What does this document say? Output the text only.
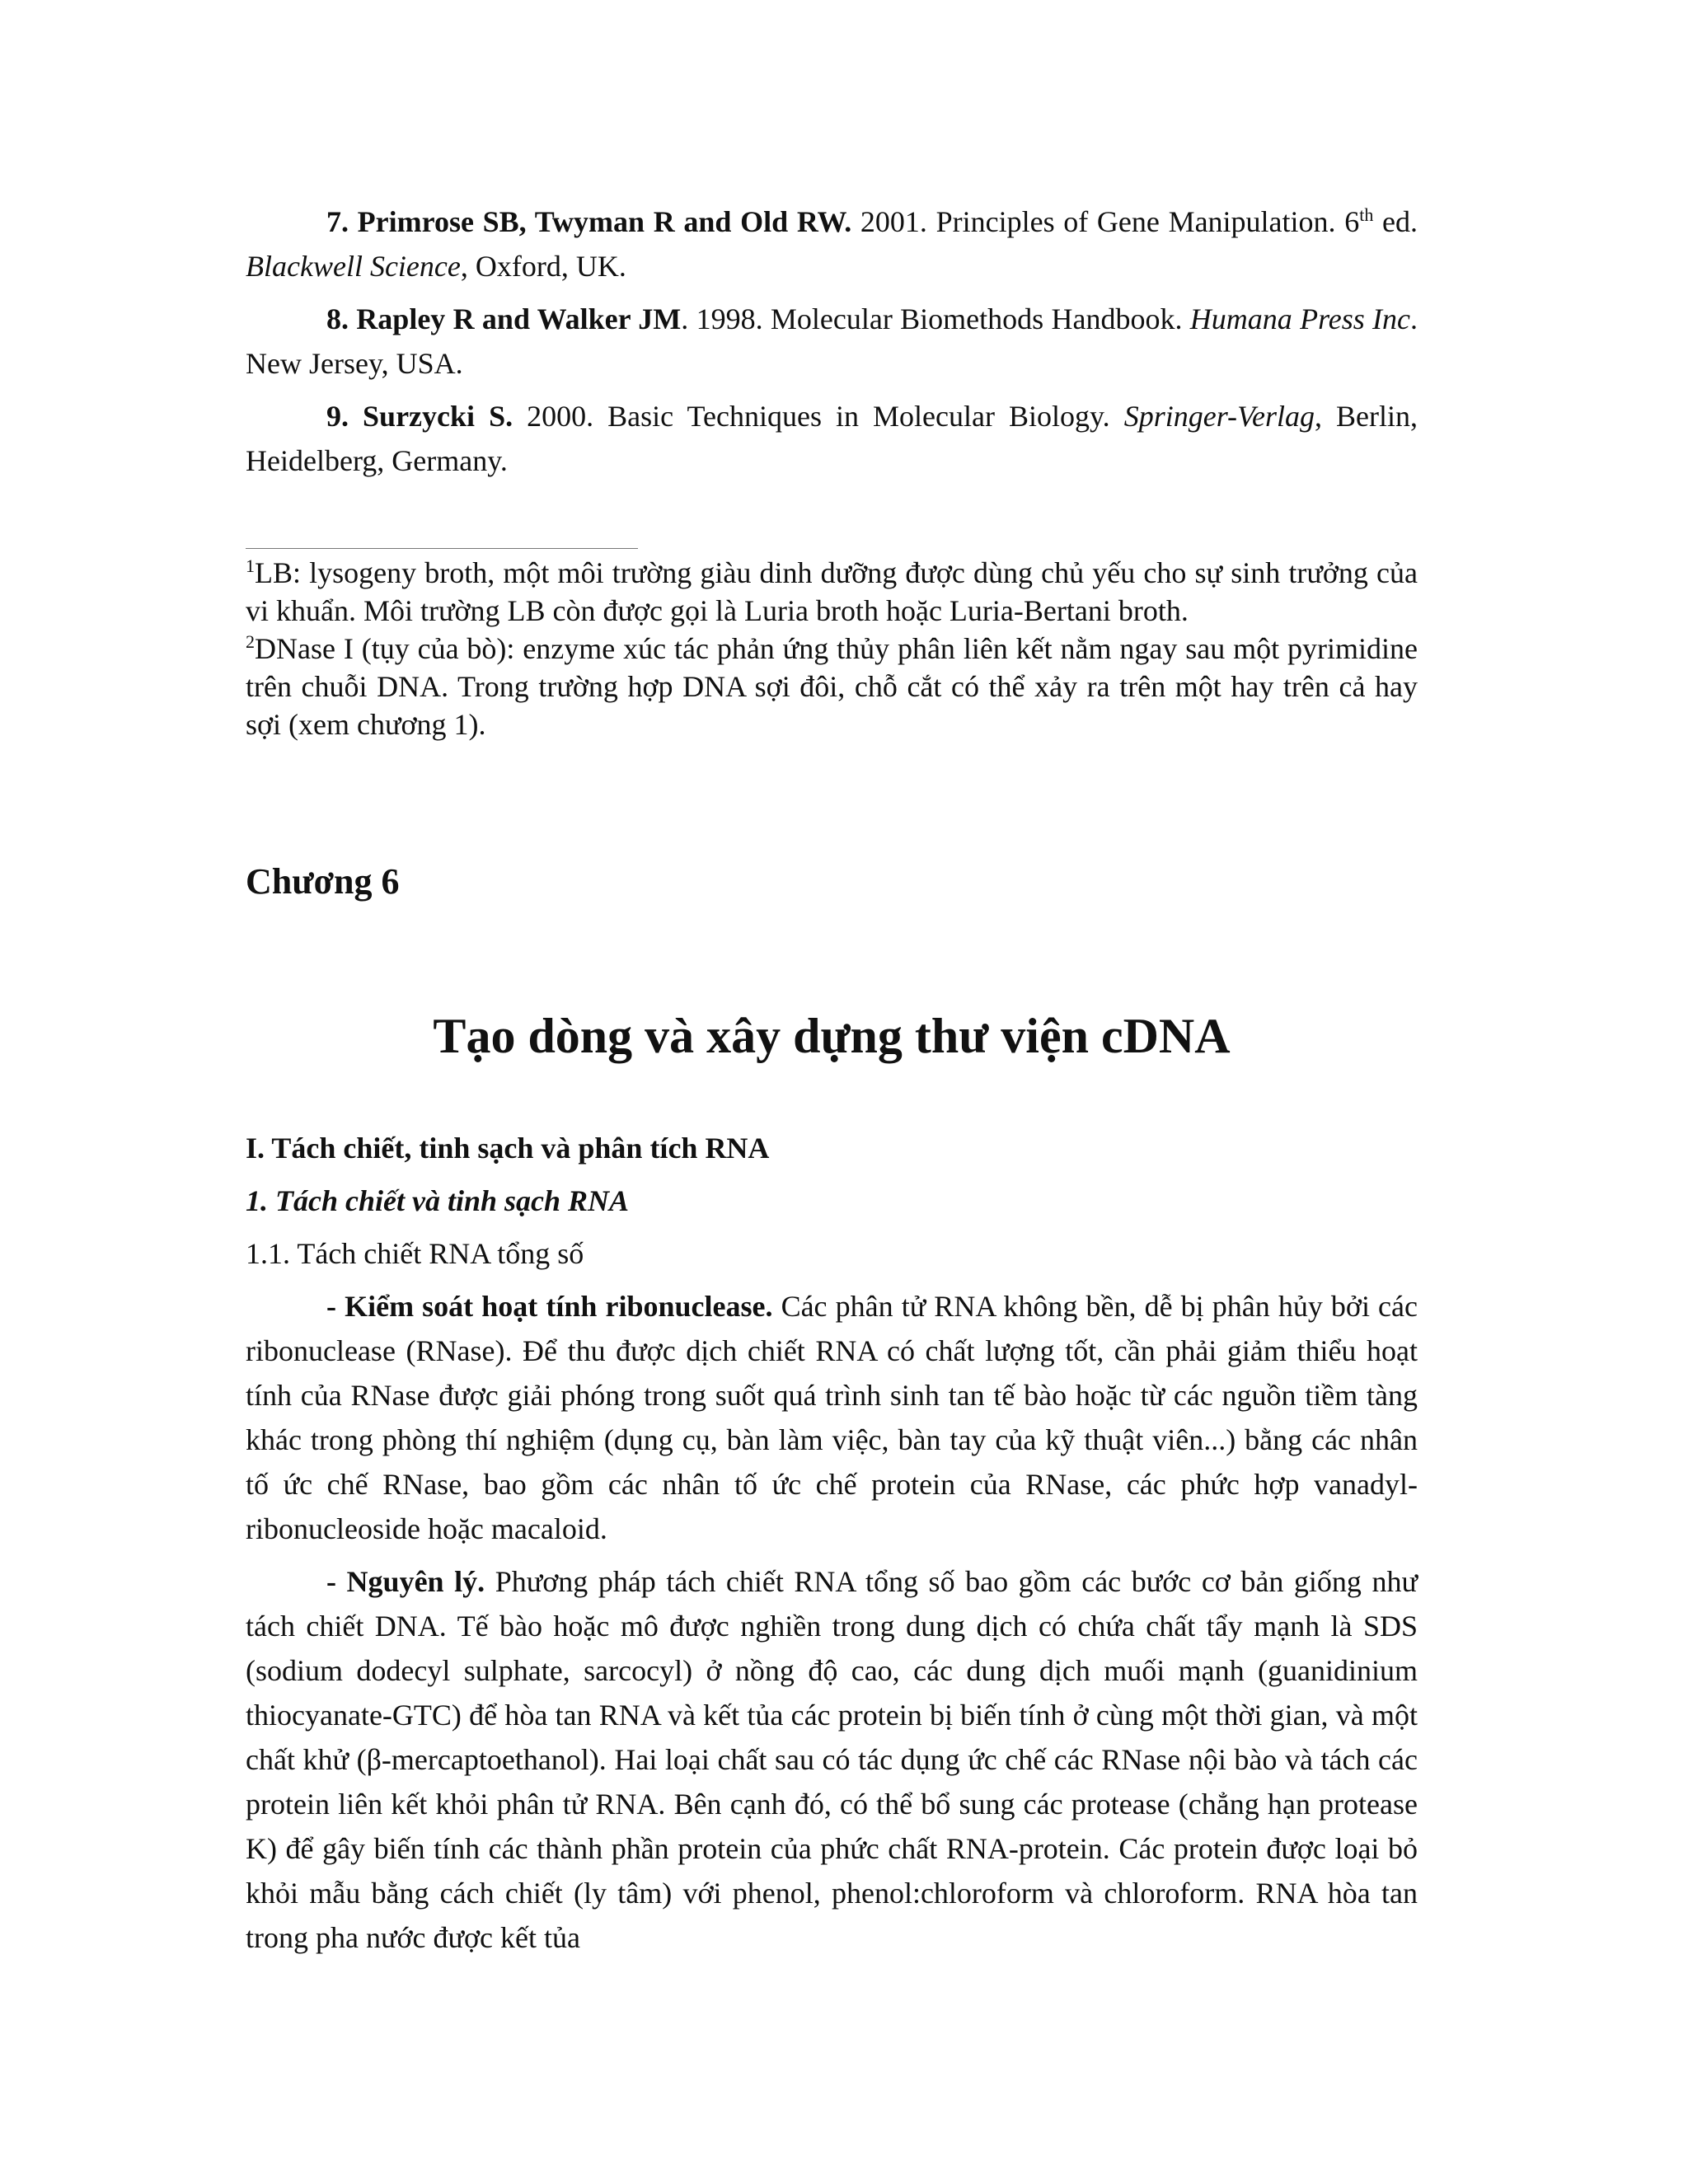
7. Primrose SB, Twyman R and Old RW. 2001. Principles of Gene Manipulation. 6th ed. Blackwell Science, Oxford, UK.

8. Rapley R and Walker JM. 1998. Molecular Biomethods Handbook. Humana Press Inc. New Jersey, USA.

9. Surzycki S. 2000. Basic Techniques in Molecular Biology. Springer-Verlag, Berlin, Heidelberg, Germany.

$^1$LB: lysogeny broth, một môi trường giàu dinh dưỡng được dùng chủ yếu cho sự sinh trưởng của vi khuẩn. Môi trường LB còn được gọi là Luria broth hoặc Luria-Bertani broth.

$^2$DNase I (tụy của bò): enzyme xúc tác phản ứng thủy phân liên kết nằm ngay sau một pyrimidine trên chuỗi DNA. Trong trường hợp DNA sợi đôi, chỗ cắt có thể xảy ra trên một hay trên cả hay sợi (xem chương 1).

Chương 6
Tạo dòng và xây dựng thư viện cDNA
I. Tách chiết, tinh sạch và phân tích RNA
1. Tách chiết và tinh sạch RNA
1.1. Tách chiết RNA tổng số

- Kiểm soát hoạt tính ribonuclease. Các phân tử RNA không bền, dễ bị phân hủy bởi các ribonuclease (RNase). Để thu được dịch chiết RNA có chất lượng tốt, cần phải giảm thiểu hoạt tính của RNase được giải phóng trong suốt quá trình sinh tan tế bào hoặc từ các nguồn tiềm tàng khác trong phòng thí nghiệm (dụng cụ, bàn làm việc, bàn tay của kỹ thuật viên...) bằng các nhân tố ức chế RNase, bao gồm các nhân tố ức chế protein của RNase, các phức hợp vanadyl-ribonucleoside hoặc macaloid.

- Nguyên lý. Phương pháp tách chiết RNA tổng số bao gồm các bước cơ bản giống như tách chiết DNA. Tế bào hoặc mô được nghiền trong dung dịch có chứa chất tẩy mạnh là SDS (sodium dodecyl sulphate, sarcocyl) ở nồng độ cao, các dung dịch muối mạnh (guanidinium thiocyanate-GTC) để hòa tan RNA và kết tủa các protein bị biến tính ở cùng một thời gian, và một chất khử (β-mercaptoethanol). Hai loại chất sau có tác dụng ức chế các RNase nội bào và tách các protein liên kết khỏi phân tử RNA. Bên cạnh đó, có thể bổ sung các protease (chẳng hạn protease K) để gây biến tính các thành phần protein của phức chất RNA-protein. Các protein được loại bỏ khỏi mẫu bằng cách chiết (ly tâm) với phenol, phenol:chloroform và chloroform. RNA hòa tan trong pha nước được kết tủa
